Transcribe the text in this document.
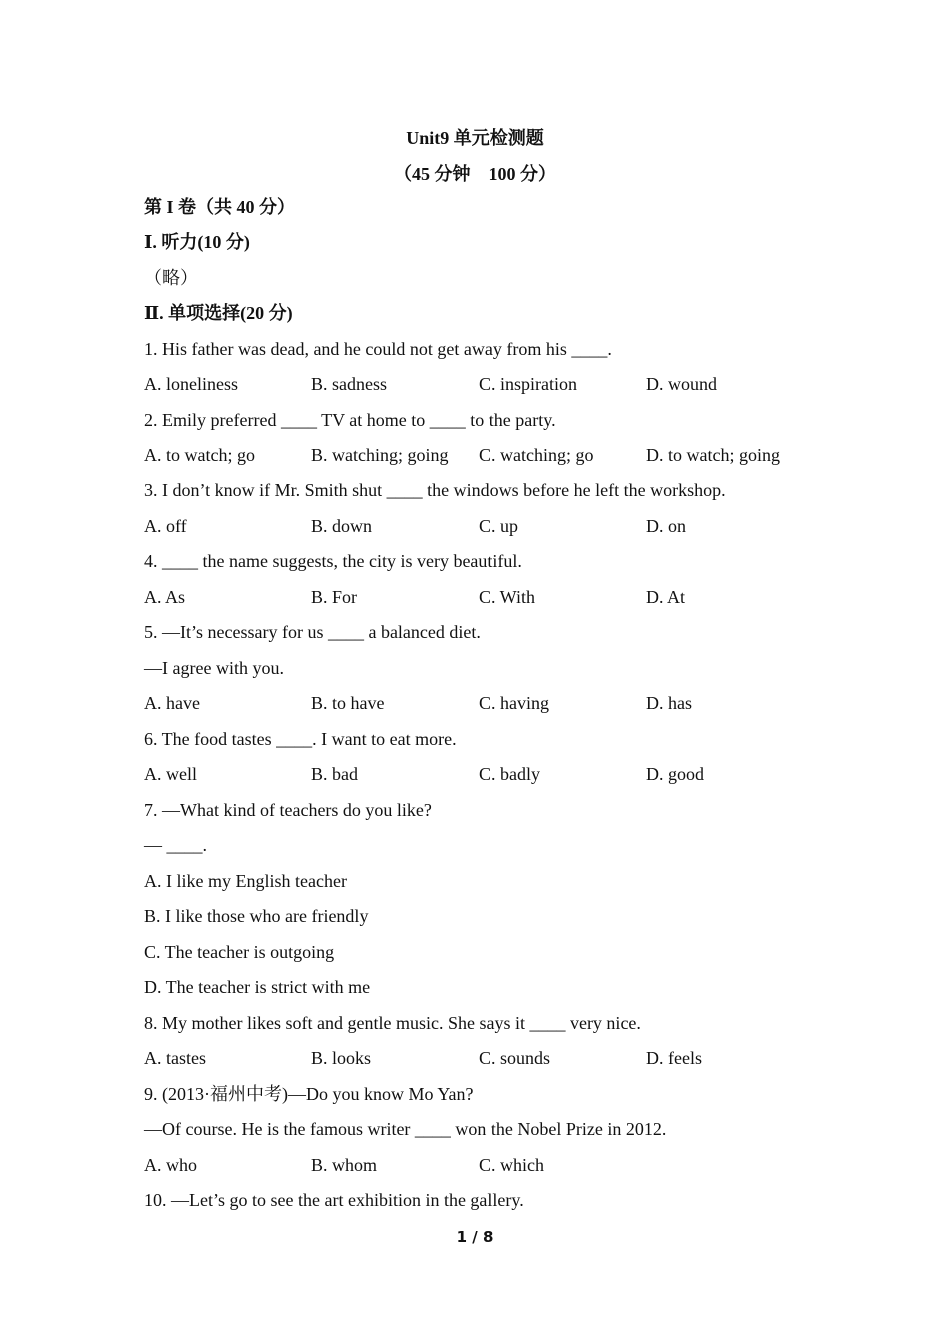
Unit9 单元检测题
（45 分钟　100 分）
第 I 卷（共 40 分）
Ⅰ. 听力(10 分)
（略）
Ⅱ. 单项选择(20 分)
1. His father was dead, and he could not get away from his ____.
A. loneliness	B. sadness	C. inspiration	D. wound
2. Emily preferred ____ TV at home to ____ to the party.
A. to watch; go	B. watching; going C. watching; go	D. to watch; going
3. I don’t know if Mr. Smith shut ____ the windows before he left the workshop.
A. off	B. down	C. up	D. on
4. ____ the name suggests, the city is very beautiful.
A. As	B. For	C. With	D. At
5. —It’s necessary for us ____ a balanced diet.
—I agree with you.
A. have	B. to have	C. having	D. has
6. The food tastes ____. I want to eat more.
A. well	B. bad	C. badly	D. good
7. —What kind of teachers do you like?
— ____.
A. I like my English teacher
B. I like those who are friendly
C. The teacher is outgoing
D. The teacher is strict with me
8. My mother likes soft and gentle music. She says it ____ very nice.
A. tastes	B. looks	C. sounds	D. feels
9. (2013·福州中考)—Do you know Mo Yan?
—Of course. He is the famous writer ____ won the Nobel Prize in 2012.
A. who	B. whom	C. which
10. —Let’s go to see the art exhibition in the gallery.
1 / 8
